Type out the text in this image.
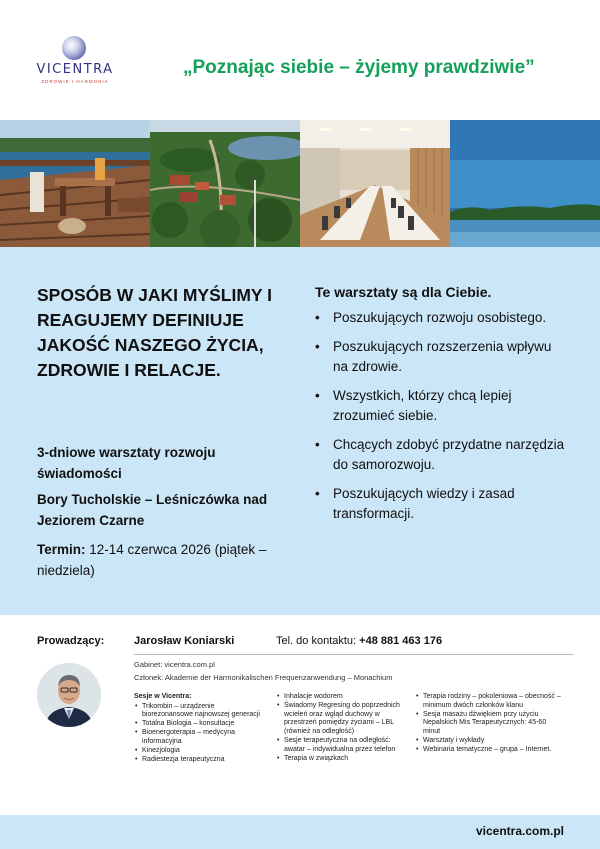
VICENTRA
ZDROWIE I HARMONIA
„Poznając siebie – żyjemy prawdziwie”
SPOSÓB W JAKI MYŚLIMY I REAGUJEMY DEFINIUJE JAKOŚĆ NASZEGO ŻYCIA, ZDROWIE I RELACJE.
3-dniowe warsztaty rozwoju świadomości
Bory Tucholskie – Leśniczówka nad Jeziorem Czarne
Termin: 12-14 czerwca 2026 (piątek – niedziela)
Te warsztaty są dla Ciebie.
• Poszukujących rozwoju osobistego.
• Poszukujących rozszerzenia wpływu na zdrowie.
• Wszystkich, którzy chcą lepiej zrozumieć siebie.
• Chcących zdobyć przydatne narzędzia do samorozwoju.
• Poszukujących wiedzy i zasad transformacji.
Prowadzący:	Jarosław Koniarski	Tel. do kontaktu: +48 881 463 176
Gabinet: vicentra.com.pl
Członek: Akademie der Harmonikalischen Frequenzanwendung – Monachium
Sesje w Vicentra:
• Trikombin – urządzenie biorezonansowe najnowszej generacji
• Totalna Biologia – konsultacje
• Bioenergoterapia – medycyna informacyjna
• Kinezjologia
• Radiestezja terapeutyczna
• Inhalacje wodorem
• Świadomy Regresing do poprzednich wcieleń oraz wgląd duchowy w przestrzeń pomiędzy życiami – LBL (również na odległość)
• Sesje terapeutyczna na odległość: awatar – indywidualna przez telefon
• Terapia w związkach
• Terapia rodziny – pokoleniowa – obecność – minimum dwóch członków klanu
• Sesja masażu dźwiękiem przy użyciu Nepalskich Mis Terapeutycznych: 45-60 minut
• Warsztaty i wykłady
• Webinaria tematyczne – grupa – Internet.
vicentra.com.pl
